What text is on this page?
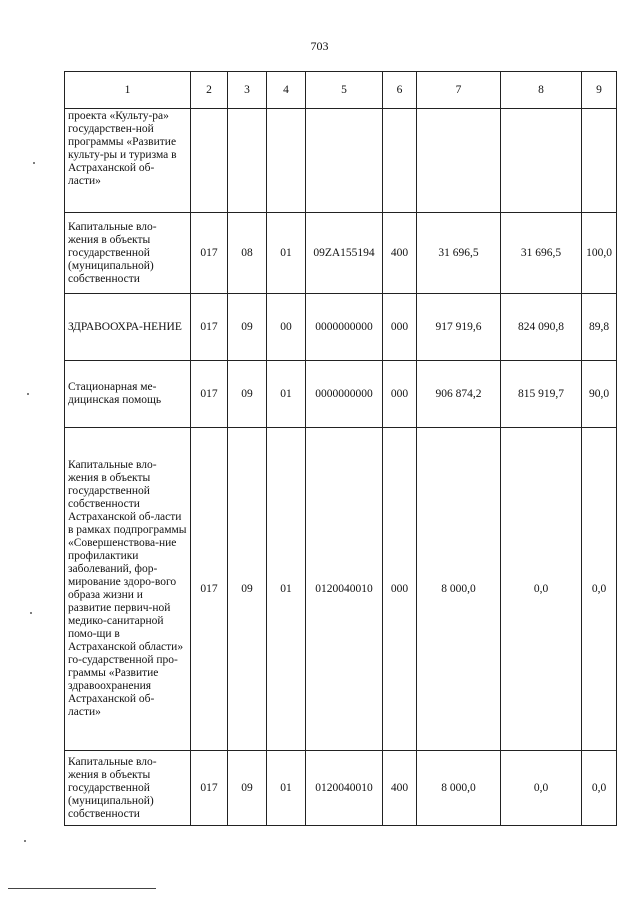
703
1	2	3	4	5	6	7	8	9
проекта «Культу-ра» государствен-ной программы «Развитие культу-ры и туризма в Астраханской об-ласти»								
Капитальные вло-жения в объекты государственной (муниципальной) собственности	017	08	01	09ZA155194	400	31 696,5	31 696,5	100,0
ЗДРАВООХРА-НЕНИЕ	017	09	00	0000000000	000	917 919,6	824 090,8	89,8
Стационарная ме-дицинская помощь	017	09	01	0000000000	000	906 874,2	815 919,7	90,0
Капитальные вло-жения в объекты государственной собственности Астраханской об-ласти в рамках подпрограммы «Совершенствова-ние профилактики заболеваний, фор-мирование здоро-вого образа жизни и развитие первич-ной медико-санитарной помо-щи в Астраханской области» го-сударственной про-граммы «Развитие здравоохранения Астраханской об-ласти»	017	09	01	0120040010	000	8 000,0	0,0	0,0
Капитальные вло-жения в объекты государственной (муниципальной) собственности	017	09	01	0120040010	400	8 000,0	0,0	0,0
